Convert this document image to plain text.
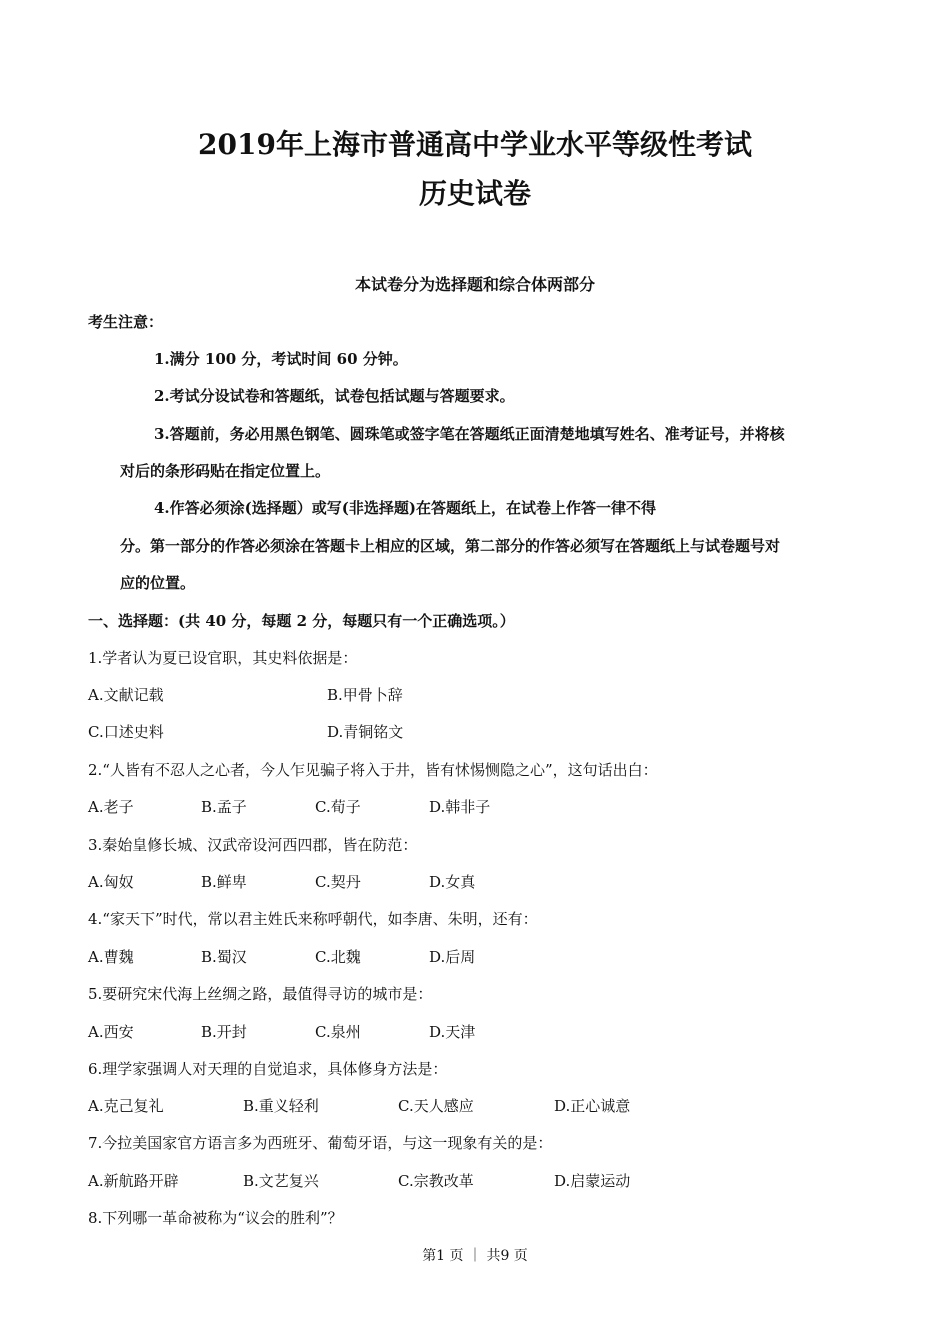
2019年上海市普通高中学业水平等级性考试
历史试卷
本试卷分为选择题和综合体两部分
考生注意：
1.满分 100 分，考试时间 60 分钟。
2.考试分设试卷和答题纸，试卷包括试题与答题要求。
3.答题前，务必用黑色钢笔、圆珠笔或签字笔在答题纸正面清楚地填写姓名、准考证号，并将核
对后的条形码贴在指定位置上。
4.作答必须涂(选择题）或写(非选择题)在答题纸上，在试卷上作答一律不得
分。第一部分的作答必须涂在答题卡上相应的区域，第二部分的作答必须写在答题纸上与试卷题号对
应的位置。
一、选择题：(共 40 分，每题 2 分，每题只有一个正确选项。）
1.学者认为夏已设官职，其史料依据是：
A.文献记载	B.甲骨卜辞
C.口述史料	D.青铜铭文
2.“人皆有不忍人之心者，今人乍见骗子将入于井，皆有怵惕恻隐之心”，这句话出白：
A.老子	B.孟子	C.荀子	D.韩非子
3.秦始皇修长城、汉武帝设河西四郡，皆在防范：
A.匈奴	B.鲜卑	C.契丹	D.女真
4.“家天下”时代，常以君主姓氏来称呼朝代，如李唐、朱明，还有：
A.曹魏	B.蜀汉	C.北魏	D.后周
5.要研究宋代海上丝绸之路，最值得寻访的城市是：
A.西安	B.开封	C.泉州	D.天津
6.理学家强调人对天理的自觉追求，具体修身方法是：
A.克己复礼	B.重义轻利	C.天人感应	D.正心诚意
7.今拉美国家官方语言多为西班牙、葡萄牙语，与这一现象有关的是：
A.新航路开辟	B.文艺复兴	C.宗教改革	D.启蒙运动
8.下列哪一革命被称为“议会的胜利”？
第1 页 ｜ 共9 页
